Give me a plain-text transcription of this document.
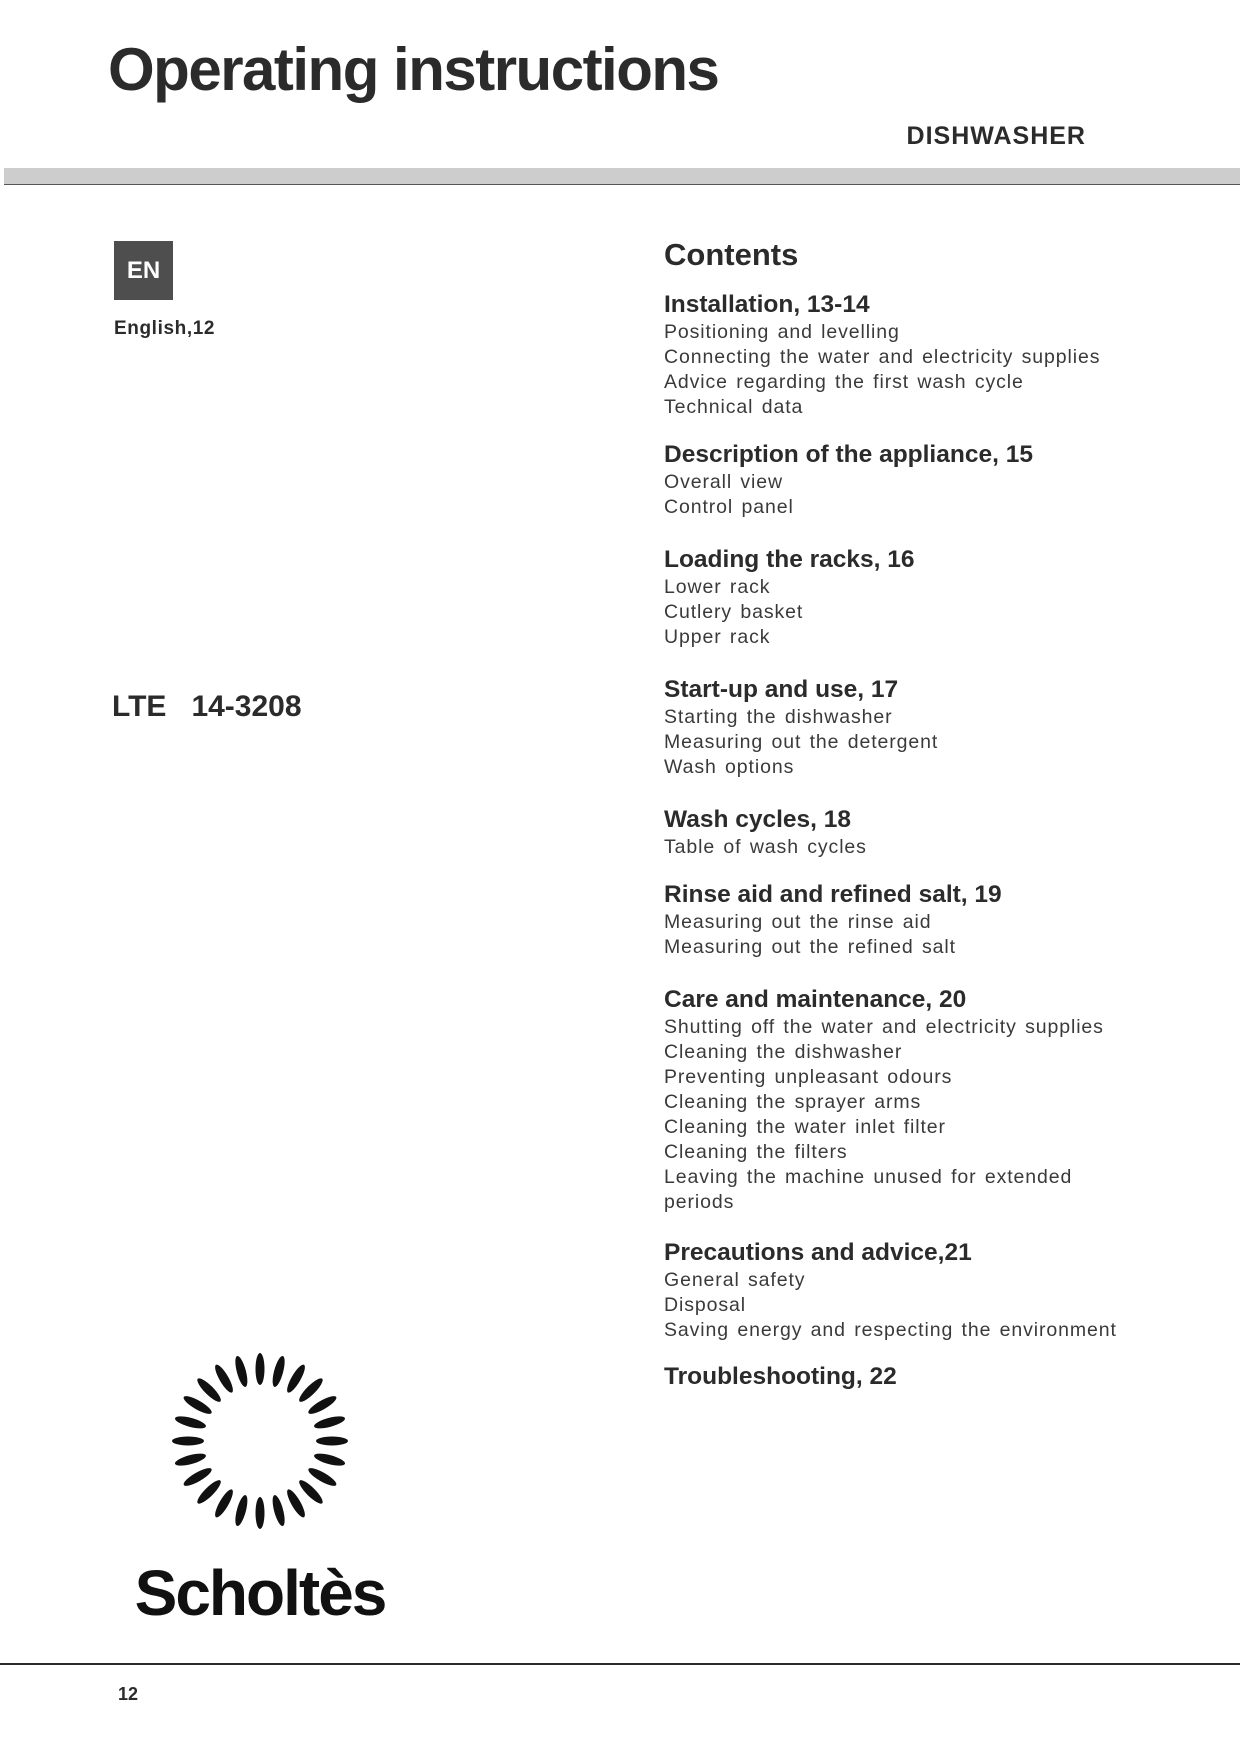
Operating instructions
DISHWASHER
EN
English,12
LTE   14-3208
Contents
Installation, 13-14
Positioning and levelling
Connecting the water and electricity supplies
Advice regarding the first wash cycle
Technical data
Description of the appliance, 15
Overall view
Control panel
Loading the racks, 16
Lower rack
Cutlery basket
Upper rack
Start-up and use, 17
Starting the dishwasher
Measuring out the detergent
Wash options
Wash cycles, 18
Table of wash cycles
Rinse aid and refined salt, 19
Measuring out the rinse aid
Measuring out the refined salt
Care and maintenance, 20
Shutting off the water and electricity supplies
Cleaning the dishwasher
Preventing unpleasant odours
Cleaning the sprayer arms
Cleaning the water inlet filter
Cleaning the filters
Leaving the machine unused for extended
periods
Precautions and advice,21
General safety
Disposal
Saving energy and respecting the environment
Troubleshooting, 22
Scholtès
12
